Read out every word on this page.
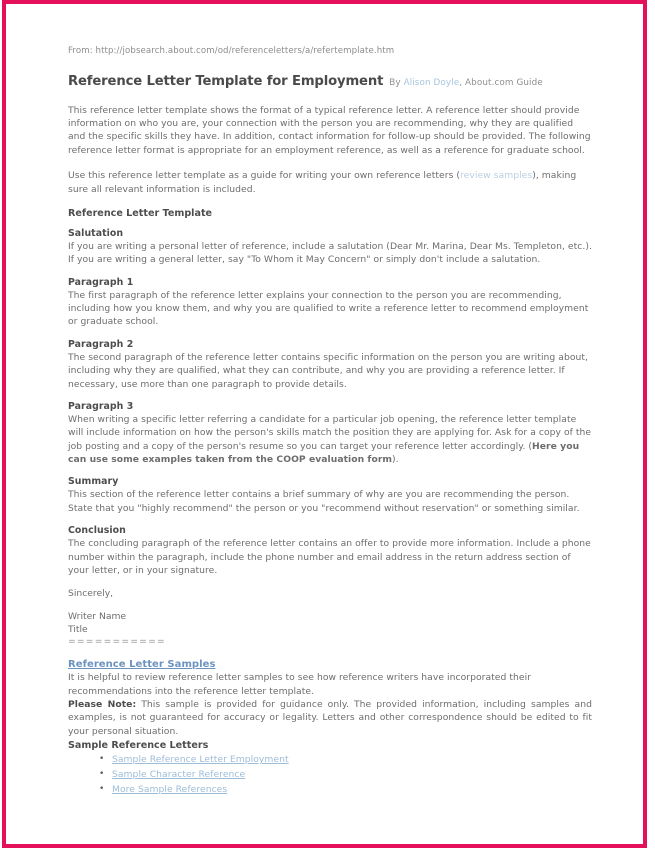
From: http://jobsearch.about.com/od/referenceletters/a/refertemplate.htm
Reference Letter Template for Employment By Alison Doyle, About.com Guide

This reference letter template shows the format of a typical reference letter. A reference letter should provide information on who you are, your connection with the person you are recommending, why they are qualified and the specific skills they have. In addition, contact information for follow-up should be provided. The following reference letter format is appropriate for an employment reference, as well as a reference for graduate school.

Use this reference letter template as a guide for writing your own reference letters (review samples), making sure all relevant information is included.

Reference Letter Template
Salutation

If you are writing a personal letter of reference, include a salutation (Dear Mr. Marina, Dear Ms. Templeton, etc.). If you are writing a general letter, say "To Whom it May Concern" or simply don't include a salutation.

Paragraph 1

The first paragraph of the reference letter explains your connection to the person you are recommending, including how you know them, and why you are qualified to write a reference letter to recommend employment or graduate school.

Paragraph 2

The second paragraph of the reference letter contains specific information on the person you are writing about, including why they are qualified, what they can contribute, and why you are providing a reference letter. If necessary, use more than one paragraph to provide details.

Paragraph 3

When writing a specific letter referring a candidate for a particular job opening, the reference letter template will include information on how the person's skills match the position they are applying for. Ask for a copy of the job posting and a copy of the person's resume so you can target your reference letter accordingly. (Here you can use some examples taken from the COOP evaluation form).

Summary

This section of the reference letter contains a brief summary of why are you are recommending the person. State that you "highly recommend" the person or you "recommend without reservation" or something similar.

Conclusion

The concluding paragraph of the reference letter contains an offer to provide more information. Include a phone number within the paragraph, include the phone number and email address in the return address section of your letter, or in your signature.

Sincerely,
Writer Name
Title
===========
Reference Letter Samples

It is helpful to review reference letter samples to see how reference writers have incorporated their recommendations into the reference letter template.

Please Note: This sample is provided for guidance only. The provided information, including samples and examples, is not guaranteed for accuracy or legality. Letters and other correspondence should be edited to fit your personal situation.

Sample Reference Letters
• Sample Reference Letter Employment
• Sample Character Reference
• More Sample References
